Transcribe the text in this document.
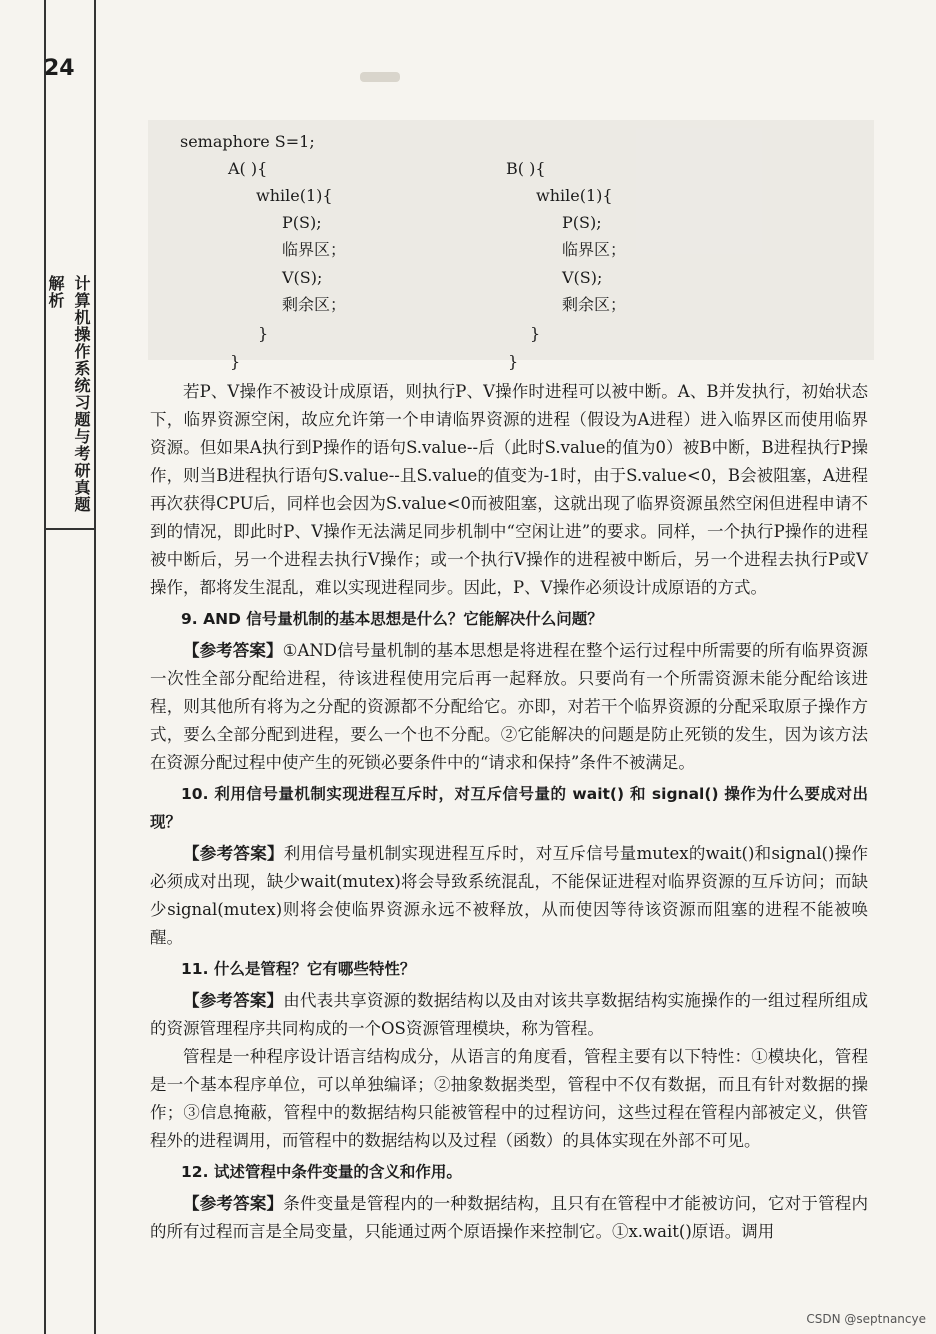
24
计算机操作系统习题与考研真题解析
semaphore S=1;
A( ){
while(1){
P(S);
临界区；
V(S);
剩余区；
}
}
B( ){
while(1){
P(S);
临界区；
V(S);
剩余区；
}
}

若P、V操作不被设计成原语，则执行P、V操作时进程可以被中断。A、B并发执行，初始状态下，临界资源空闲，故应允许第一个申请临界资源的进程（假设为A进程）进入临界区而使用临界资源。但如果A执行到P操作的语句S.value--后（此时S.value的值为0）被B中断，B进程执行P操作，则当B进程执行语句S.value--且S.value的值变为-1时，由于S.value<0，B会被阻塞，A进程再次获得CPU后，同样也会因为S.value<0而被阻塞，这就出现了临界资源虽然空闲但进程申请不到的情况，即此时P、V操作无法满足同步机制中“空闲让进”的要求。同样，一个执行P操作的进程被中断后，另一个进程去执行V操作；或一个执行V操作的进程被中断后，另一个进程去执行P或V操作，都将发生混乱，难以实现进程同步。因此，P、V操作必须设计成原语的方式。

9. AND 信号量机制的基本思想是什么？它能解决什么问题？

【参考答案】①AND信号量机制的基本思想是将进程在整个运行过程中所需要的所有临界资源一次性全部分配给进程，待该进程使用完后再一起释放。只要尚有一个所需资源未能分配给该进程，则其他所有将为之分配的资源都不分配给它。亦即，对若干个临界资源的分配采取原子操作方式，要么全部分配到进程，要么一个也不分配。②它能解决的问题是防止死锁的发生，因为该方法在资源分配过程中使产生的死锁必要条件中的“请求和保持”条件不被满足。

10. 利用信号量机制实现进程互斥时，对互斥信号量的 wait() 和 signal() 操作为什么要成对出现？

【参考答案】利用信号量机制实现进程互斥时，对互斥信号量mutex的wait()和signal()操作必须成对出现，缺少wait(mutex)将会导致系统混乱，不能保证进程对临界资源的互斥访问；而缺少signal(mutex)则将会使临界资源永远不被释放，从而使因等待该资源而阻塞的进程不能被唤醒。

11. 什么是管程？它有哪些特性？

【参考答案】由代表共享资源的数据结构以及由对该共享数据结构实施操作的一组过程所组成的资源管理程序共同构成的一个OS资源管理模块，称为管程。

管程是一种程序设计语言结构成分，从语言的角度看，管程主要有以下特性：①模块化，管程是一个基本程序单位，可以单独编译；②抽象数据类型，管程中不仅有数据，而且有针对数据的操作；③信息掩蔽，管程中的数据结构只能被管程中的过程访问，这些过程在管程内部被定义，供管程外的进程调用，而管程中的数据结构以及过程（函数）的具体实现在外部不可见。

12. 试述管程中条件变量的含义和作用。

【参考答案】条件变量是管程内的一种数据结构，且只有在管程中才能被访问，它对于管程内的所有过程而言是全局变量，只能通过两个原语操作来控制它。①x.wait()原语。调用

CSDN @septnancye
